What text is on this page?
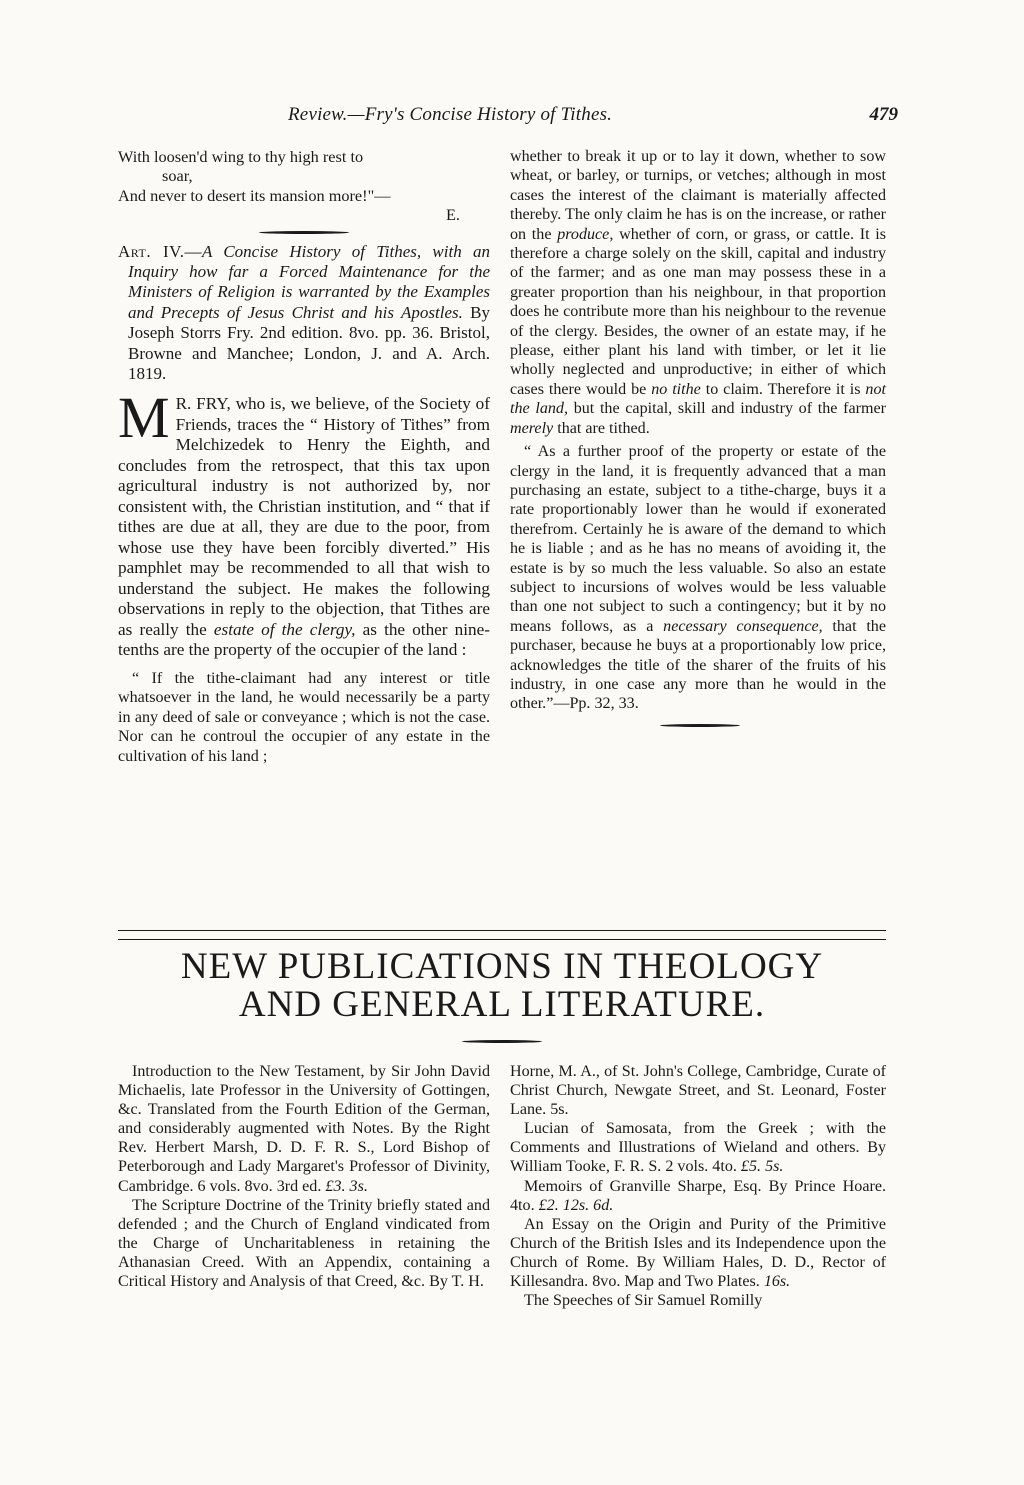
Review.—Fry's Concise History of Tithes.	479

With loosen'd wing to thy high rest to

soar,

And never to desert its mansion more!"—

E.

Art. IV.—A Concise History of Tithes, with an Inquiry how far a Forced Maintenance for the Ministers of Religion is warranted by the Examples and Precepts of Jesus Christ and his Apostles. By Joseph Storrs Fry. 2nd edition. 8vo. pp. 36. Bristol, Browne and Manchee; London, J. and A. Arch. 1819.

M R. FRY, who is, we believe, of the Society of Friends, traces the “ History of Tithes” from Melchizedek to Henry the Eighth, and concludes from the retrospect, that this tax upon agricultural industry is not authorized by, nor consistent with, the Christian institution, and “ that if tithes are due at all, they are due to the poor, from whose use they have been forcibly diverted.” His pamphlet may be recommended to all that wish to understand the subject. He makes the following observations in reply to the objection, that Tithes are as really the estate of the clergy, as the other nine-tenths are the property of the occupier of the land :

“ If the tithe-claimant had any interest or title whatsoever in the land, he would necessarily be a party in any deed of sale or conveyance ; which is not the case. Nor can he controul the occupier of any estate in the cultivation of his land ;

whether to break it up or to lay it down, whether to sow wheat, or barley, or turnips, or vetches; although in most cases the interest of the claimant is materially affected thereby. The only claim he has is on the increase, or rather on the produce, whether of corn, or grass, or cattle. It is therefore a charge solely on the skill, capital and industry of the farmer; and as one man may possess these in a greater proportion than his neighbour, in that proportion does he contribute more than his neighbour to the revenue of the clergy. Besides, the owner of an estate may, if he please, either plant his land with timber, or let it lie wholly neglected and unproductive; in either of which cases there would be no tithe to claim. Therefore it is not the land, but the capital, skill and industry of the farmer merely that are tithed.

“ As a further proof of the property or estate of the clergy in the land, it is frequently advanced that a man purchasing an estate, subject to a tithe-charge, buys it a rate proportionably lower than he would if exonerated therefrom. Certainly he is aware of the demand to which he is liable ; and as he has no means of avoiding it, the estate is by so much the less valuable. So also an estate subject to incursions of wolves would be less valuable than one not subject to such a contingency; but it by no means follows, as a necessary consequence, that the purchaser, because he buys at a proportionably low price, acknowledges the title of the sharer of the fruits of his industry, in one case any more than he would in the other.”—Pp. 32, 33.

NEW PUBLICATIONS IN THEOLOGY
AND GENERAL LITERATURE.

Introduction to the New Testament, by Sir John David Michaelis, late Professor in the University of Gottingen, &c. Translated from the Fourth Edition of the German, and considerably augmented with Notes. By the Right Rev. Herbert Marsh, D. D. F. R. S., Lord Bishop of Peterborough and Lady Margaret's Professor of Divinity, Cambridge. 6 vols. 8vo. 3rd ed. £3. 3s.

The Scripture Doctrine of the Trinity briefly stated and defended ; and the Church of England vindicated from the Charge of Uncharitableness in retaining the Athanasian Creed. With an Appendix, containing a Critical History and Analysis of that Creed, &c. By T. H.

Horne, M. A., of St. John's College, Cambridge, Curate of Christ Church, Newgate Street, and St. Leonard, Foster Lane. 5s.

Lucian of Samosata, from the Greek ; with the Comments and Illustrations of Wieland and others. By William Tooke, F. R. S. 2 vols. 4to. £5. 5s.

Memoirs of Granville Sharpe, Esq. By Prince Hoare. 4to. £2. 12s. 6d.

An Essay on the Origin and Purity of the Primitive Church of the British Isles and its Independence upon the Church of Rome. By William Hales, D. D., Rector of Killesandra. 8vo. Map and Two Plates. 16s.

The Speeches of Sir Samuel Romilly
